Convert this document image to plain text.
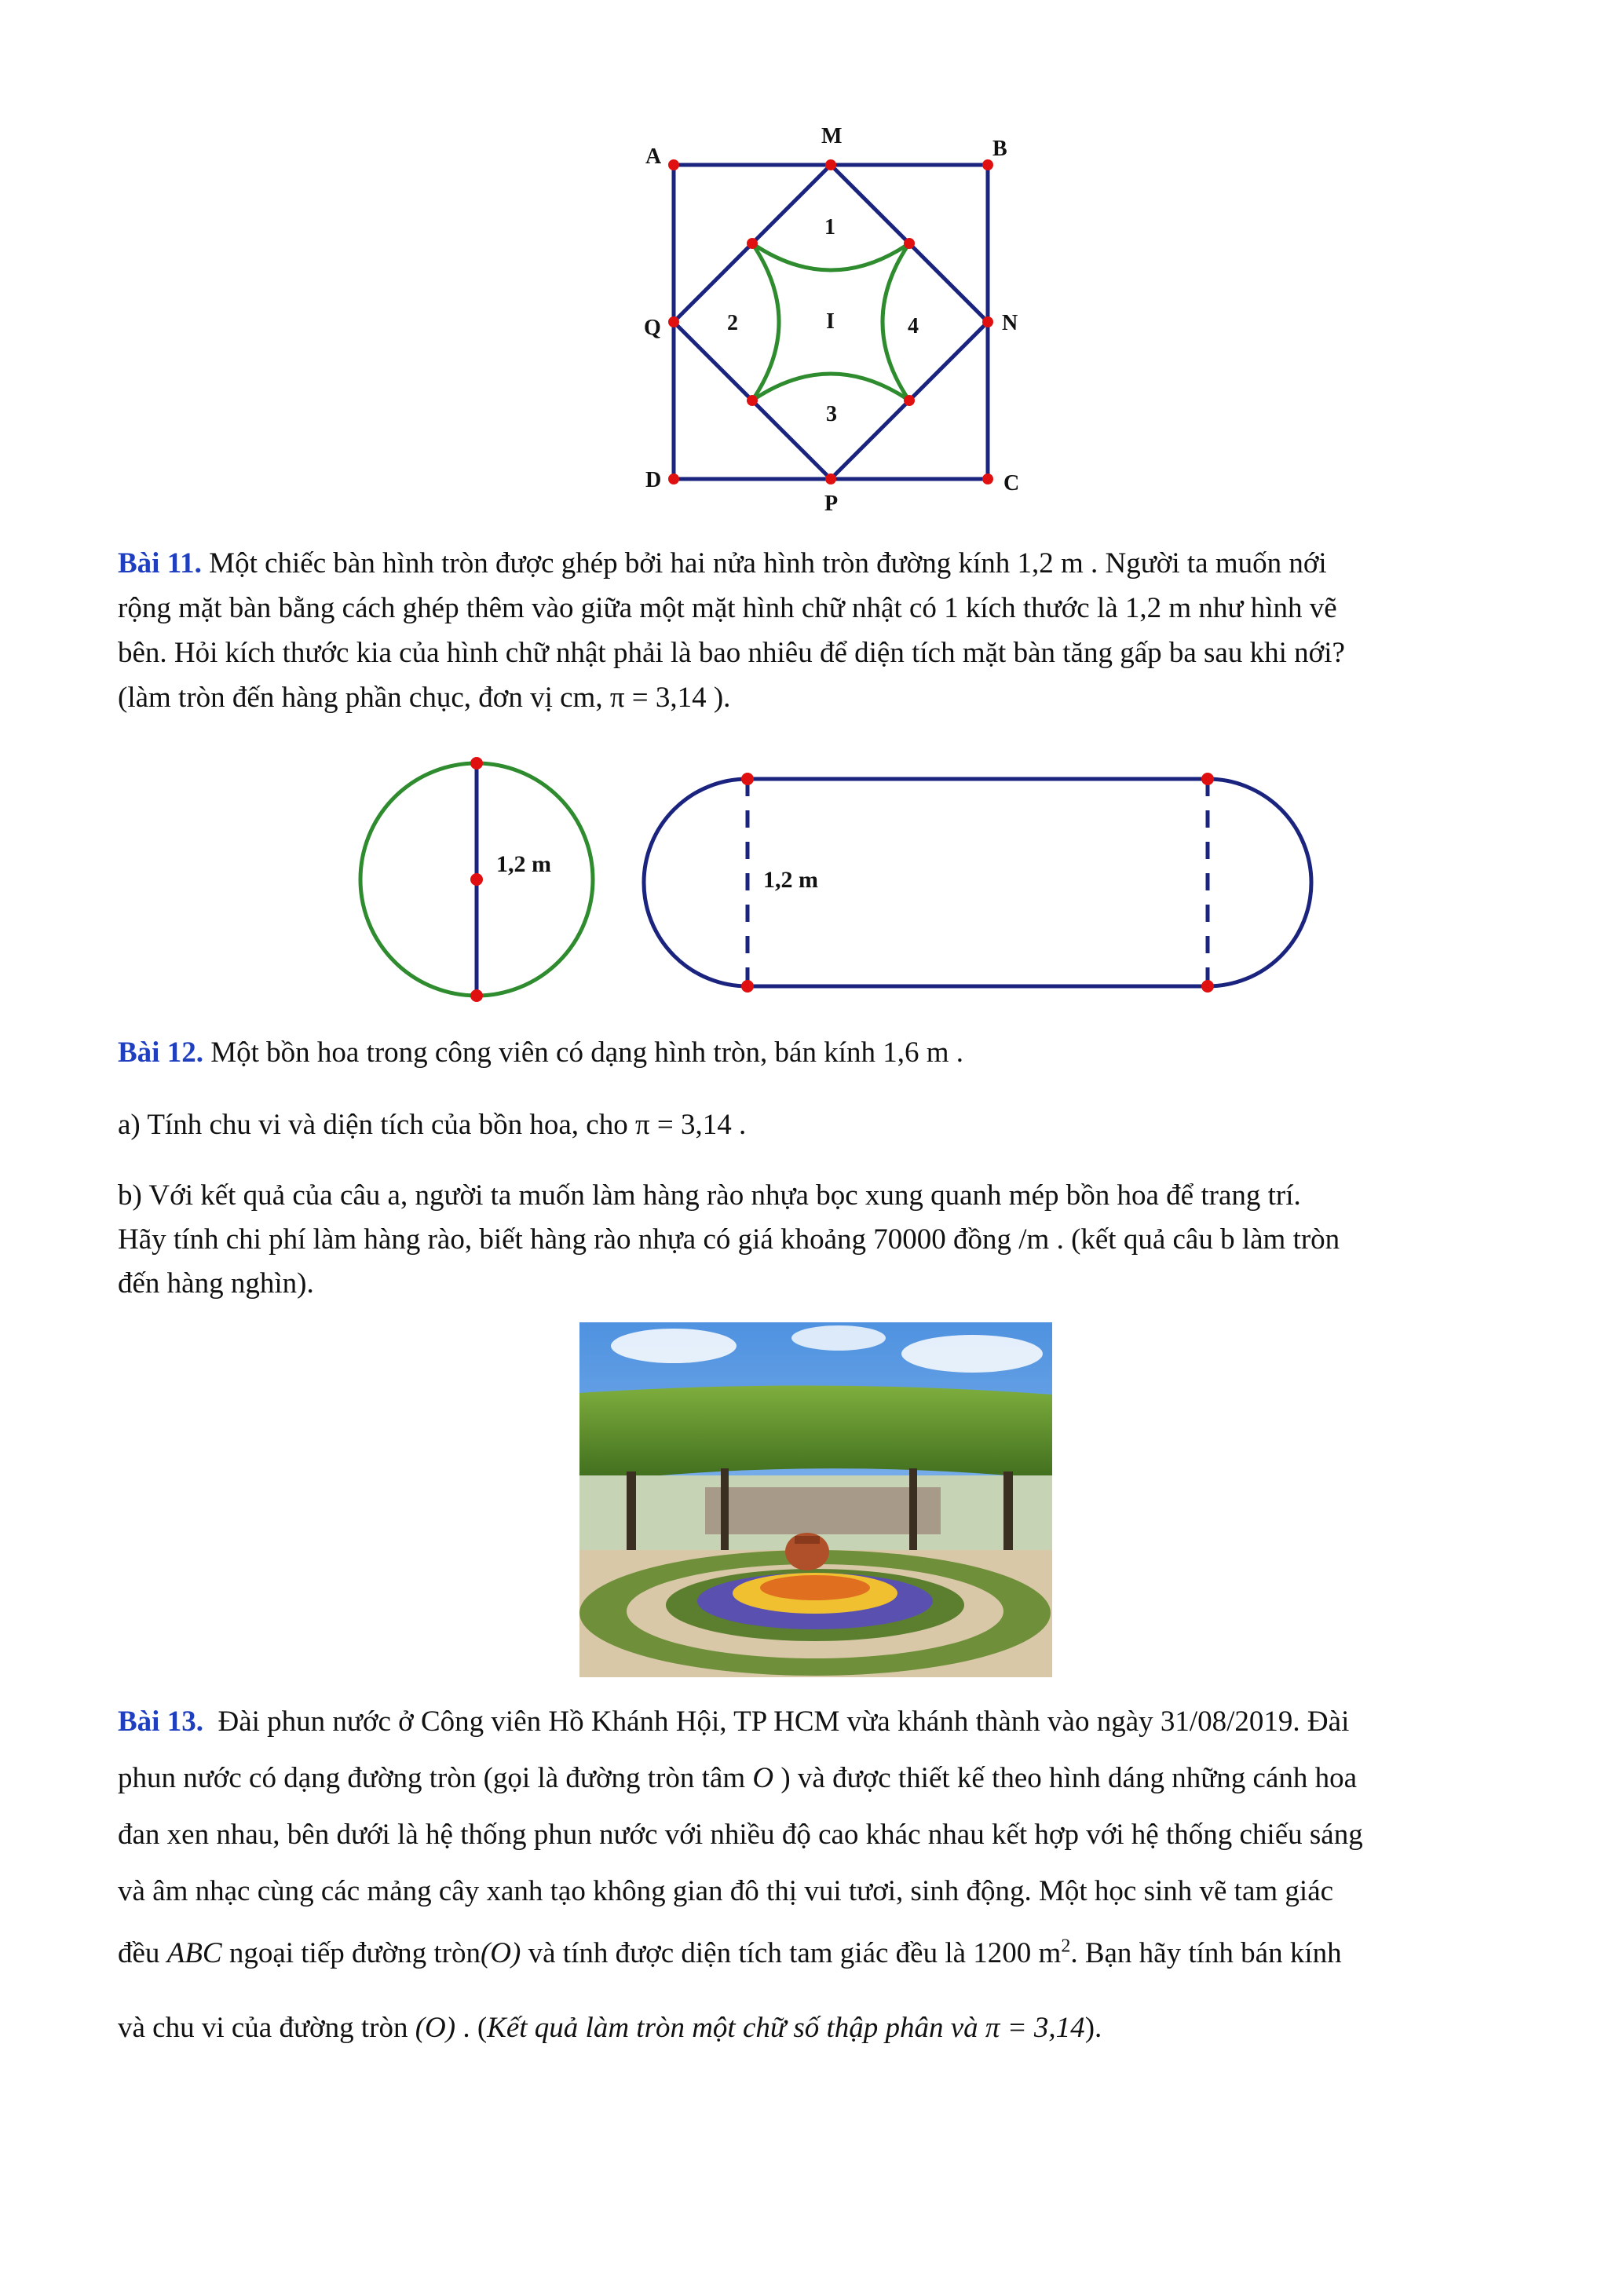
A
M
B
N
Q
D	C
P
1
2	I	4
3

Bài 11. Một chiếc bàn hình tròn được ghép bởi hai nửa hình tròn đường kính 1,2 m . Người ta muốn nới

rộng mặt bàn bằng cách ghép thêm vào giữa một mặt hình chữ nhật có 1 kích thước là 1,2 m như hình vẽ

bên. Hỏi kích thước kia của hình chữ nhật phải là bao nhiêu để diện tích mặt bàn tăng gấp ba sau khi nới?

(làm tròn đến hàng phần chục, đơn vị cm, π = 3,14 ).

1,2 m
1,2 m

Bài 12. Một bồn hoa trong công viên có dạng hình tròn, bán kính 1,6 m .

a) Tính chu vi và diện tích của bồn hoa, cho π = 3,14 .

b) Với kết quả của câu a, người ta muốn làm hàng rào nhựa bọc xung quanh mép bồn hoa để trang trí.

Hãy tính chi phí làm hàng rào, biết hàng rào nhựa có giá khoảng 70000 đồng /m . (kết quả câu b làm tròn

đến hàng nghìn).

Bài 13. Đài phun nước ở Công viên Hồ Khánh Hội, TP HCM vừa khánh thành vào ngày 31/08/2019. Đài

phun nước có dạng đường tròn (gọi là đường tròn tâm O ) và được thiết kế theo hình dáng những cánh hoa

đan xen nhau, bên dưới là hệ thống phun nước với nhiều độ cao khác nhau kết hợp với hệ thống chiếu sáng

và âm nhạc cùng các mảng cây xanh tạo không gian đô thị vui tươi, sinh động. Một học sinh vẽ tam giác

đều ABC ngoại tiếp đường tròn(O) và tính được diện tích tam giác đều là 1200 $m^2$. Bạn hãy tính bán kính

và chu vi của đường tròn (O) . (Kết quả làm tròn một chữ số thập phân và π = 3,14).
